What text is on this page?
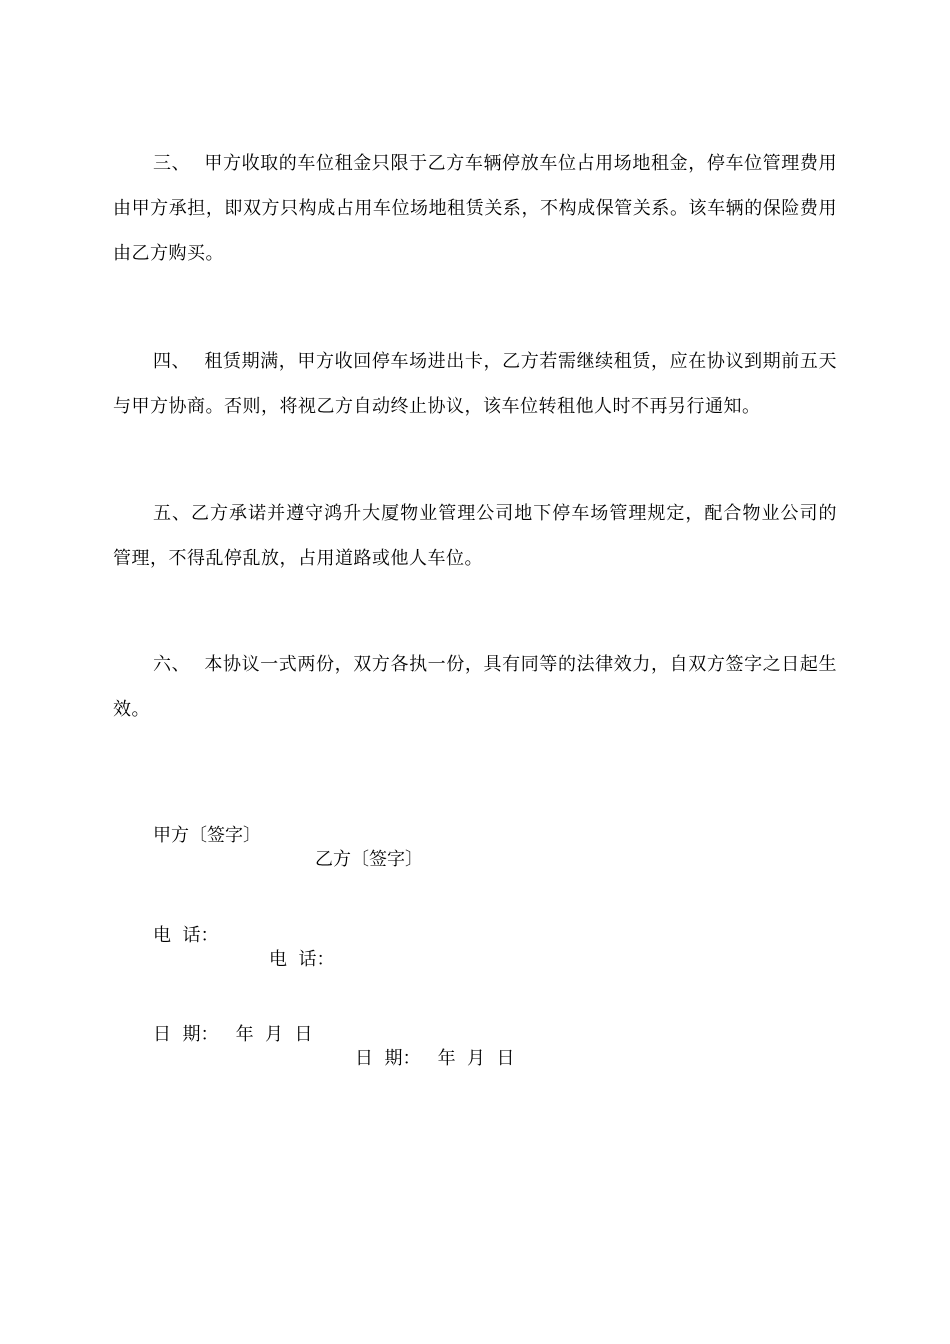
三、 甲方收取的车位租金只限于乙方车辆停放车位占用场地租金，停车位管理费用由甲方承担，即双方只构成占用车位场地租赁关系，不构成保管关系。该车辆的保险费用由乙方购买。

四、 租赁期满，甲方收回停车场进出卡，乙方若需继续租赁，应在协议到期前五天与甲方协商。否则，将视乙方自动终止协议，该车位转租他人时不再另行通知。

五、乙方承诺并遵守鸿升大厦物业管理公司地下停车场管理规定，配合物业公司的管理，不得乱停乱放，占用道路或他人车位。

六、 本协议一式两份，双方各执一份，具有同等的法律效力，自双方签字之日起生效。

甲方〔签字〕

乙方〔签字〕

电  话：

电  话：

日  期：   年  月  日

日  期：   年  月  日
